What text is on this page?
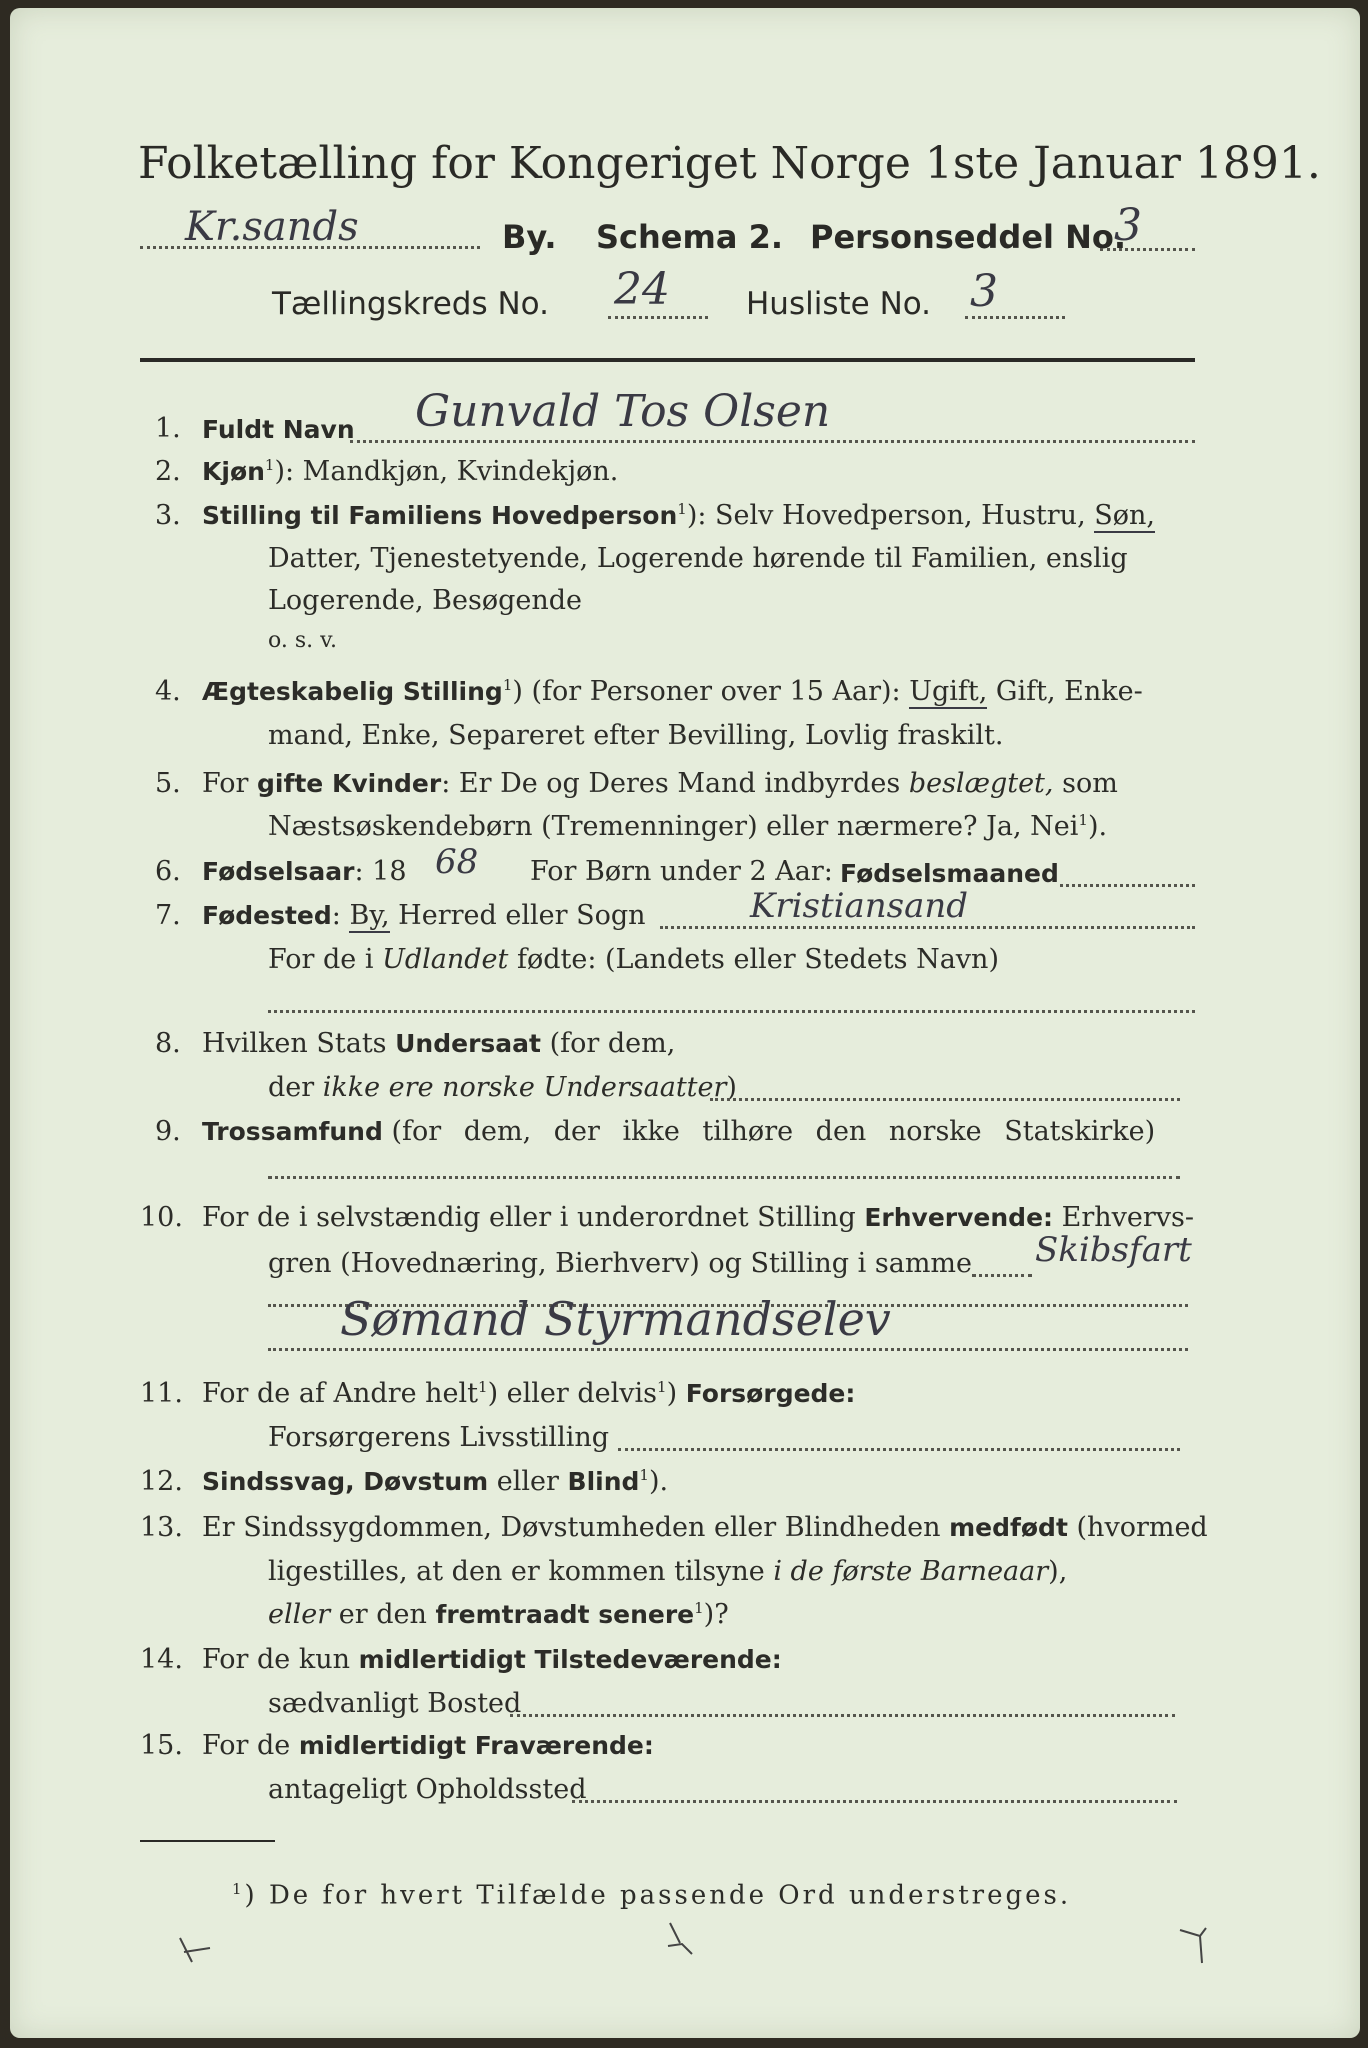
Folketælling for Kongeriget Norge 1ste Januar 1891.
Kr.sands	By. Schema 2. Personseddel No.
3
Tællingskreds No. 24 Husliste No. 3
1. Fuldt Navn Gunvald Tos Olsen
2. Kjøn$^1$): Mandkjøn, Kvindekjøn.
3. Stilling til Familiens Hovedperson$^1$): Selv Hovedperson, Hustru, Søn,
Datter, Tjenestetyende, Logerende hørende til Familien, enslig
Logerende, Besøgende
o. s. v.
4. Ægteskabelig Stilling$^1$) (for Personer over 15 Aar): Ugift, Gift, Enke-
mand, Enke, Separeret efter Bevilling, Lovlig fraskilt.
5. For gifte Kvinder: Er De og Deres Mand indbyrdes beslægtet, som
Næstsøskendebørn (Tremenninger) eller nærmere? Ja, Nei$^1$).
6. Fødselsaar: 18 68 For Børn under 2 Aar: Fødselsmaaned
7. Fødested: By, Herred eller Sogn	Kristiansand
For de i Udlandet fødte: (Landets eller Stedets Navn)
8. Hvilken Stats Undersaat (for dem,
der ikke ere norske Undersaatter)
9. Trossamfund (for dem, der ikke tilhøre den norske Statskirke)
10. For de i selvstændig eller i underordnet Stilling Erhvervende: Erhvervs-
gren (Hovednæring, Bierhverv) og Stilling i samme Skibsfart
Sømand Styrmandselev
11. For de af Andre helt$^1$) eller delvis$^1$) Forsørgede:
Forsørgerens Livsstilling
12. Sindssvag, Døvstum eller Blind$^1$).
13. Er Sindssygdommen, Døvstumheden eller Blindheden medfødt (hvormed
ligestilles, at den er kommen tilsyne i de første Barneaar),
eller er den fremtraadt senere$^1$)?
14. For de kun midlertidigt Tilstedeværende:
sædvanligt Bosted
15. For de midlertidigt Fraværende:
antageligt Opholdssted
$^1$) De for hvert Tilfælde passende Ord understreges.
